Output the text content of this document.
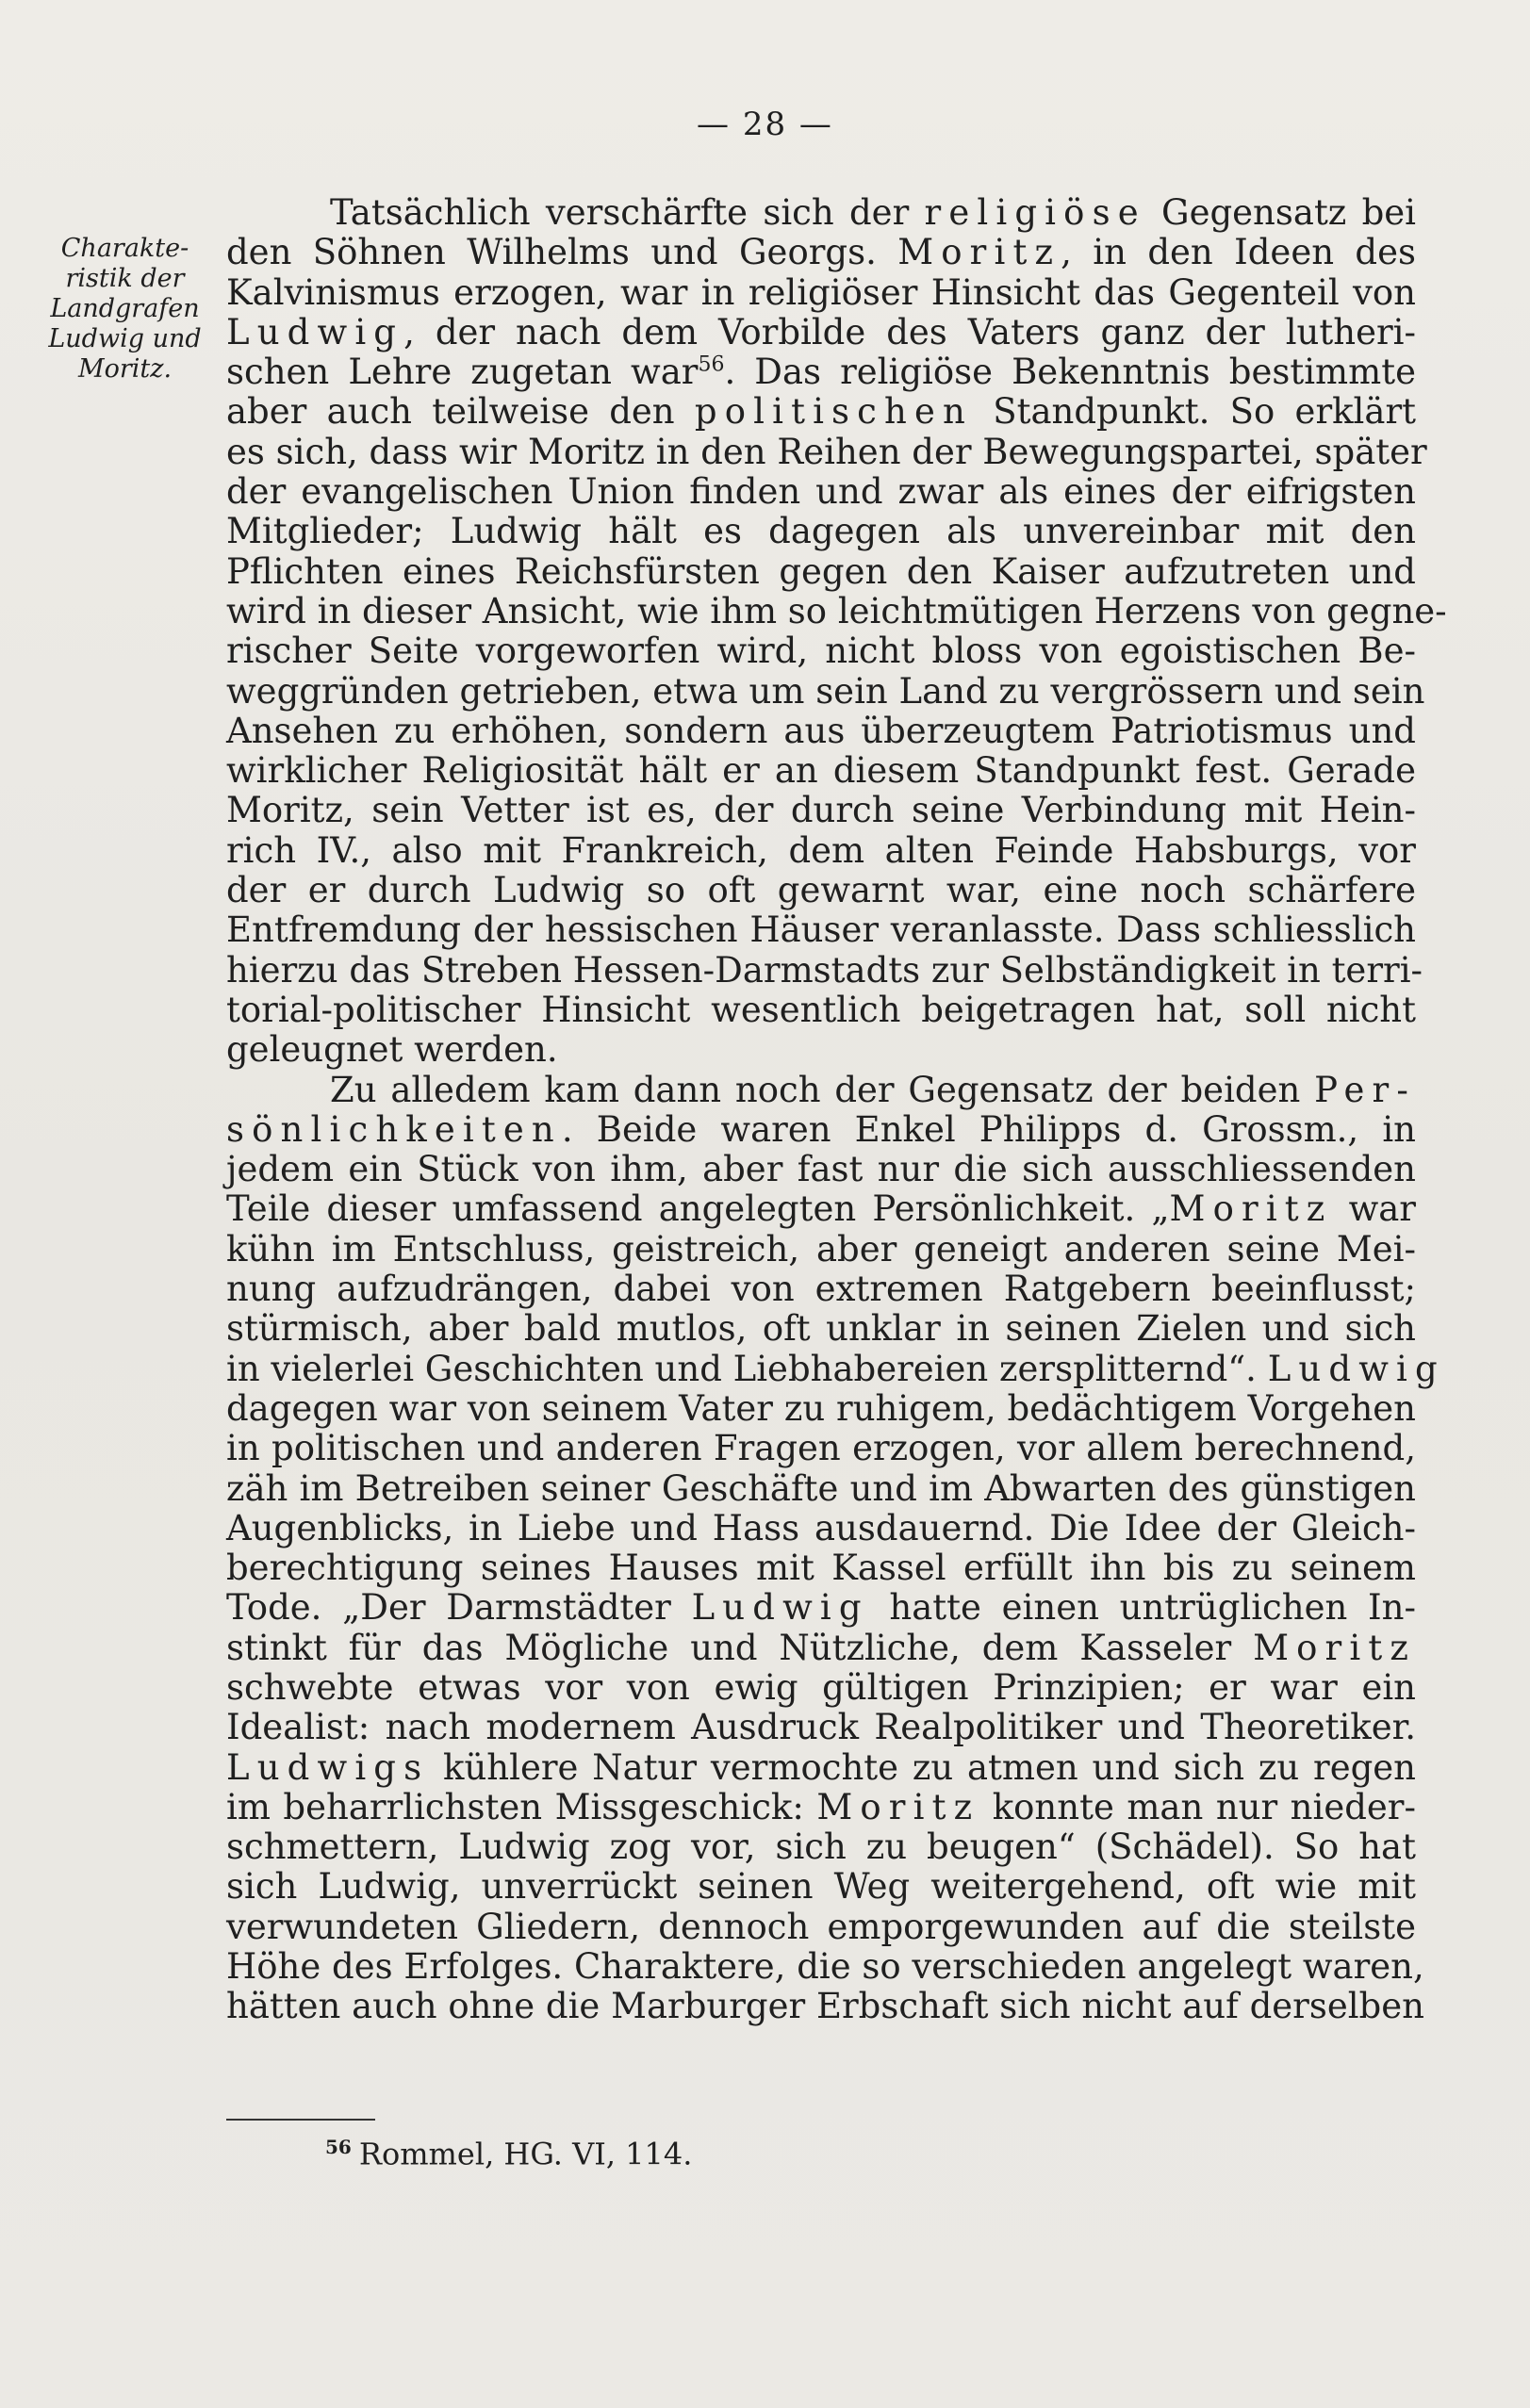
— 28 —
Charakte-
ristik der
Landgrafen
Ludwig und
Moritz.
Tatsächlich verschärfte sich der religiöse Gegensatz bei
den Söhnen Wilhelms und Georgs. Moritz, in den Ideen des
Kalvinismus erzogen, war in religiöser Hinsicht das Gegenteil von
Ludwig, der nach dem Vorbilde des Vaters ganz der lutheri-
schen Lehre zugetan war$^{56}$. Das religiöse Bekenntnis bestimmte
aber auch teilweise den politischen Standpunkt. So erklärt
es sich, dass wir Moritz in den Reihen der Bewegungspartei, später
der evangelischen Union finden und zwar als eines der eifrigsten
Mitglieder; Ludwig hält es dagegen als unvereinbar mit den
Pflichten eines Reichsfürsten gegen den Kaiser aufzutreten und
wird in dieser Ansicht, wie ihm so leichtmütigen Herzens von gegne-
rischer Seite vorgeworfen wird, nicht bloss von egoistischen Be-
weggründen getrieben, etwa um sein Land zu vergrössern und sein
Ansehen zu erhöhen, sondern aus überzeugtem Patriotismus und
wirklicher Religiosität hält er an diesem Standpunkt fest. Gerade
Moritz, sein Vetter ist es, der durch seine Verbindung mit Hein-
rich IV., also mit Frankreich, dem alten Feinde Habsburgs, vor
der er durch Ludwig so oft gewarnt war, eine noch schärfere
Entfremdung der hessischen Häuser veranlasste. Dass schliesslich
hierzu das Streben Hessen-Darmstadts zur Selbständigkeit in terri-
torial-politischer Hinsicht wesentlich beigetragen hat, soll nicht
geleugnet werden.
Zu alledem kam dann noch der Gegensatz der beiden Per-
sönlichkeiten. Beide waren Enkel Philipps d. Grossm., in
jedem ein Stück von ihm, aber fast nur die sich ausschliessenden
Teile dieser umfassend angelegten Persönlichkeit. „Moritz war
kühn im Entschluss, geistreich, aber geneigt anderen seine Mei-
nung aufzudrängen, dabei von extremen Ratgebern beeinflusst;
stürmisch, aber bald mutlos, oft unklar in seinen Zielen und sich
in vielerlei Geschichten und Liebhabereien zersplitternd“. Ludwig
dagegen war von seinem Vater zu ruhigem, bedächtigem Vorgehen
in politischen und anderen Fragen erzogen, vor allem berechnend,
zäh im Betreiben seiner Geschäfte und im Abwarten des günstigen
Augenblicks, in Liebe und Hass ausdauernd. Die Idee der Gleich-
berechtigung seines Hauses mit Kassel erfüllt ihn bis zu seinem
Tode. „Der Darmstädter Ludwig hatte einen untrüglichen In-
stinkt für das Mögliche und Nützliche, dem Kasseler Moritz
schwebte etwas vor von ewig gültigen Prinzipien; er war ein
Idealist: nach modernem Ausdruck Realpolitiker und Theoretiker.
Ludwigs kühlere Natur vermochte zu atmen und sich zu regen
im beharrlichsten Missgeschick: Moritz konnte man nur nieder-
schmettern, Ludwig zog vor, sich zu beugen“ (Schädel). So hat
sich Ludwig, unverrückt seinen Weg weitergehend, oft wie mit
verwundeten Gliedern, dennoch emporgewunden auf die steilste
Höhe des Erfolges. Charaktere, die so verschieden angelegt waren,
hätten auch ohne die Marburger Erbschaft sich nicht auf derselben
$^{56}$ Rommel, HG. VI, 114.
